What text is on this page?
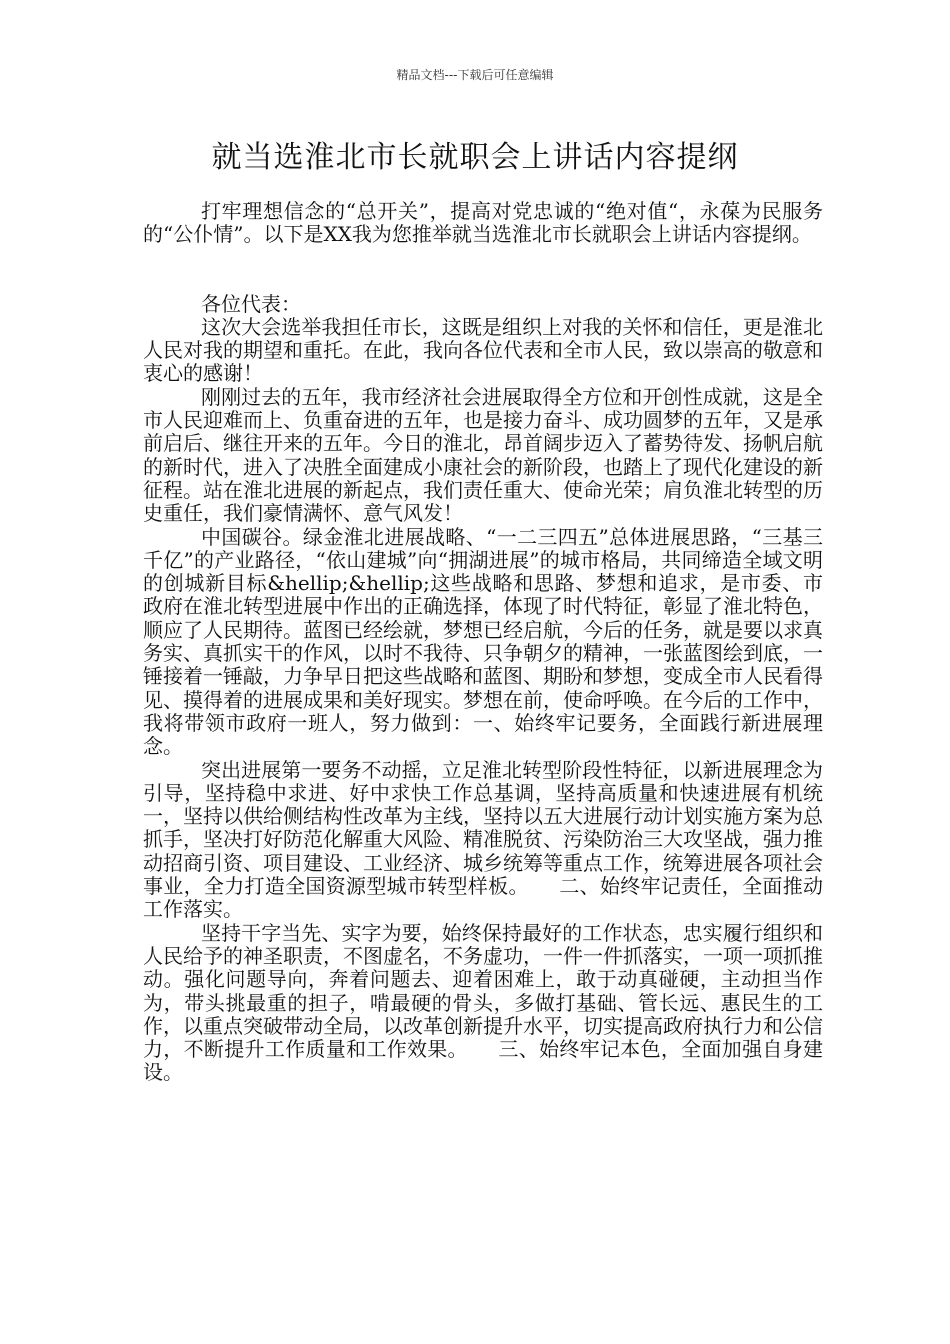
精品文档---下载后可任意编辑
就当选淮北市长就职会上讲话内容提纲

打牢理想信念的“总开关”，提高对党忠诚的“绝对值“，永葆为民服务的“公仆情”。以下是XX我为您推举就当选淮北市长就职会上讲话内容提纲。

各位代表：

这次大会选举我担任市长，这既是组织上对我的关怀和信任，更是淮北人民对我的期望和重托。在此，我向各位代表和全市人民，致以崇高的敬意和衷心的感谢！

刚刚过去的五年，我市经济社会进展取得全方位和开创性成就，这是全市人民迎难而上、负重奋进的五年，也是接力奋斗、成功圆梦的五年，又是承前启后、继往开来的五年。今日的淮北，昂首阔步迈入了蓄势待发、扬帆启航的新时代，进入了决胜全面建成小康社会的新阶段，也踏上了现代化建设的新征程。站在淮北进展的新起点，我们责任重大、使命光荣；肩负淮北转型的历史重任，我们豪情满怀、意气风发！

中国碳谷。绿金淮北进展战略、“一二三四五”总体进展思路，“三基三千亿”的产业路径，“依山建城”向“拥湖进展”的城市格局，共同缔造全域文明的创城新目标&hellip;&hellip;这些战略和思路、梦想和追求，是市委、市政府在淮北转型进展中作出的正确选择，体现了时代特征，彰显了淮北特色，顺应了人民期待。蓝图已经绘就，梦想已经启航，今后的任务，就是要以求真务实、真抓实干的作风，以时不我待、只争朝夕的精神，一张蓝图绘到底，一锤接着一锤敲，力争早日把这些战略和蓝图、期盼和梦想，变成全市人民看得见、摸得着的进展成果和美好现实。梦想在前，使命呼唤。在今后的工作中，我将带领市政府一班人，努力做到：一、始终牢记要务，全面践行新进展理念。

突出进展第一要务不动摇，立足淮北转型阶段性特征，以新进展理念为引导，坚持稳中求进、好中求快工作总基调，坚持高质量和快速进展有机统一，坚持以供给侧结构性改革为主线，坚持以五大进展行动计划实施方案为总抓手，坚决打好防范化解重大风险、精准脱贫、污染防治三大攻坚战，强力推动招商引资、项目建设、工业经济、城乡统筹等重点工作，统筹进展各项社会事业，全力打造全国资源型城市转型样板。　　二、始终牢记责任，全面推动工作落实。

坚持干字当先、实字为要，始终保持最好的工作状态，忠实履行组织和人民给予的神圣职责，不图虚名，不务虚功，一件一件抓落实，一项一项抓推动。强化问题导向，奔着问题去、迎着困难上，敢于动真碰硬，主动担当作为，带头挑最重的担子，啃最硬的骨头，多做打基础、管长远、惠民生的工作，以重点突破带动全局，以改革创新提升水平，切实提高政府执行力和公信力，不断提升工作质量和工作效果。　　三、始终牢记本色，全面加强自身建设。
